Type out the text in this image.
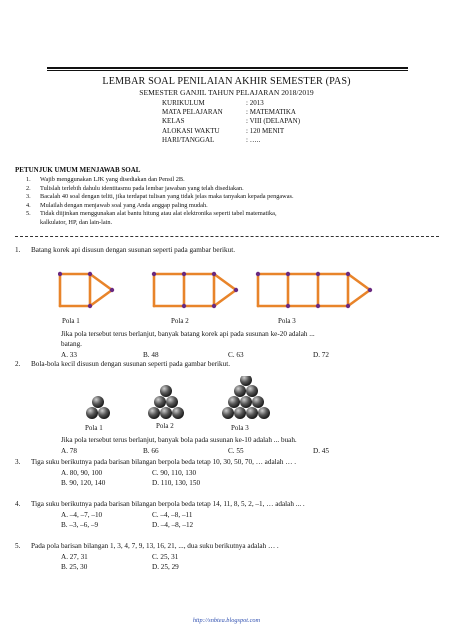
LEMBAR SOAL PENILAIAN AKHIR SEMESTER (PAS)
SEMESTER GANJIL TAHUN PELAJARAN 2018/2019
KURIKULUM	: 2013
MATA PELAJARAN	: MATEMATIKA
KELAS	: VIII (DELAPAN)
ALOKASI WAKTU	: 120 MENIT
HARI/TANGGAL	: …..
PETUNJUK UMUM MENJAWAB SOAL
1.	Wajib menggunakan LJK yang disediakan dan Pensil 2B.
2.	Tulislah terlebih dahulu identitasmu pada lembar jawaban yang telah disediakan.
3.	Bacalah 40 soal dengan teliti, jika terdapat tulisan yang tidak jelas maka tanyakan kepada pengawas.
4.	Mulailah dengan menjawab soal yang Anda anggap paling mudah.
5.	Tidak diijinkan menggunakan alat bantu hitung atau alat elektronika seperti tabel matematika,
kalkulator, HP, dan lain-lain.
1.	Batang korek api disusun dengan susunan seperti pada gambar berikut.
Pola 1	Pola 2	Pola 3
Jika pola tersebut terus berlanjut, banyak batang korek api pada susunan ke-20 adalah ...
batang.
A. 33	B. 48	C. 63	D. 72
2.	Bola-bola kecil disusun dengan susunan seperti pada gambar berikut.
Pola 1	Pola 2	Pola 3
Jika pola tersebut terus berlanjut, banyak bola pada susunan ke-10 adalah ... buah.
A. 78	B. 66	C. 55	D. 45
3.	Tiga suku berikutnya pada barisan bilangan berpola beda tetap 10, 30, 50, 70, … adalah … .
A. 80, 90, 100	C. 90, 110, 130
B. 90, 120, 140	D. 110, 130, 150
4.	Tiga suku berikutnya pada barisan bilangan berpola beda tetap 14, 11, 8, 5, 2, –1, … adalah ... .
A. –4, –7, –10	C. –4, –8, –11
B. –3, –6, –9	D. –4, –8, –12
5.	Pada pola barisan bilangan 1, 3, 4, 7, 9, 13, 16, 21, ..., dua suku berikutnya adalah … .
A. 27, 31	C. 25, 31
B. 25, 30	D. 25, 29
http://snbtea.blogspot.com
